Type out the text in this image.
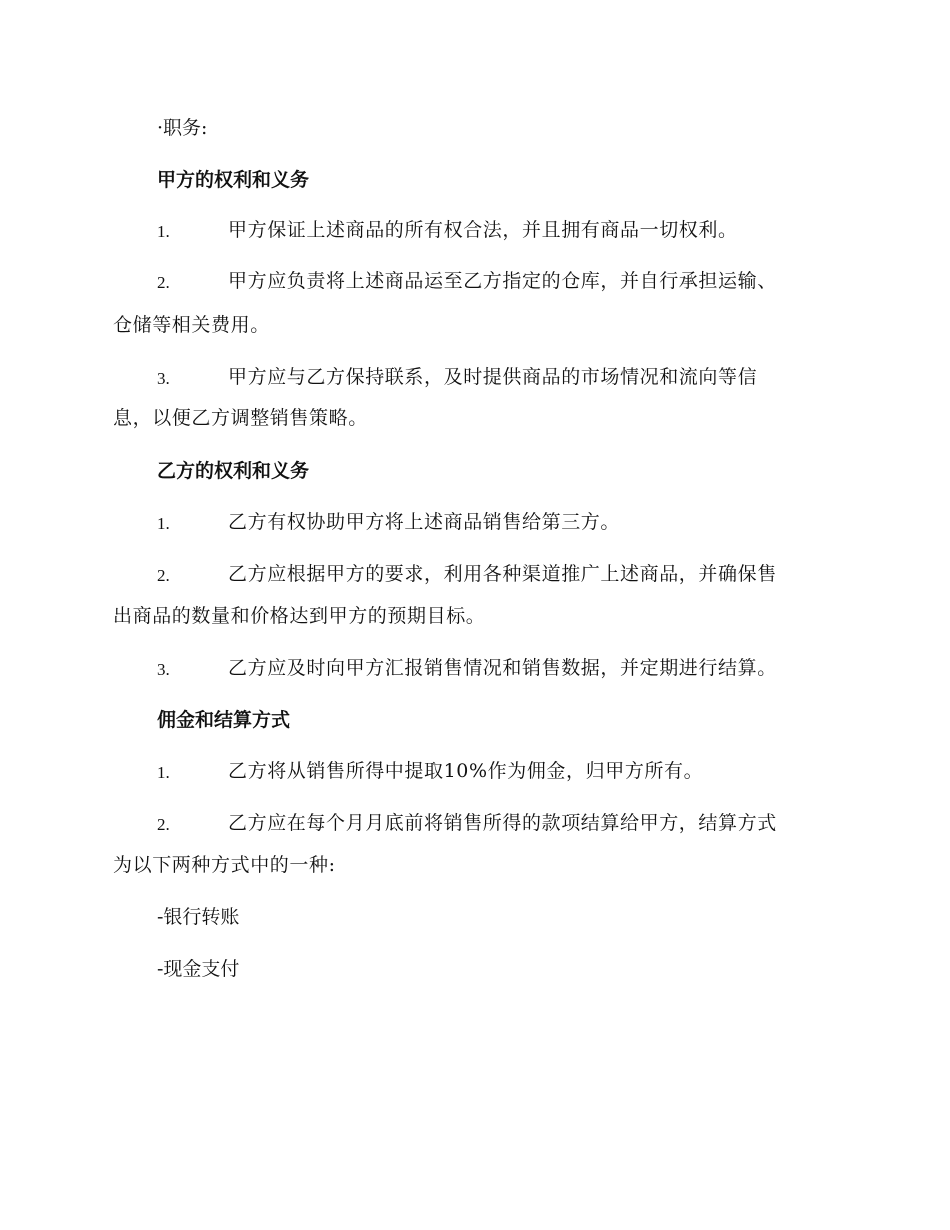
·职务:
甲方的权利和义务
1.	甲方保证上述商品的所有权合法，并且拥有商品一切权利。
2.	甲方应负责将上述商品运至乙方指定的仓库，并自行承担运输、
仓储等相关费用。
3.	甲方应与乙方保持联系，及时提供商品的市场情况和流向等信
息，以便乙方调整销售策略。
乙方的权利和义务
1.	乙方有权协助甲方将上述商品销售给第三方。
2.	乙方应根据甲方的要求，利用各种渠道推广上述商品，并确保售
出商品的数量和价格达到甲方的预期目标。
3.	乙方应及时向甲方汇报销售情况和销售数据，并定期进行结算。
佣金和结算方式
1.	乙方将从销售所得中提取10%作为佣金，归甲方所有。
2.	乙方应在每个月月底前将销售所得的款项结算给甲方，结算方式
为以下两种方式中的一种:
-银行转账
-现金支付
